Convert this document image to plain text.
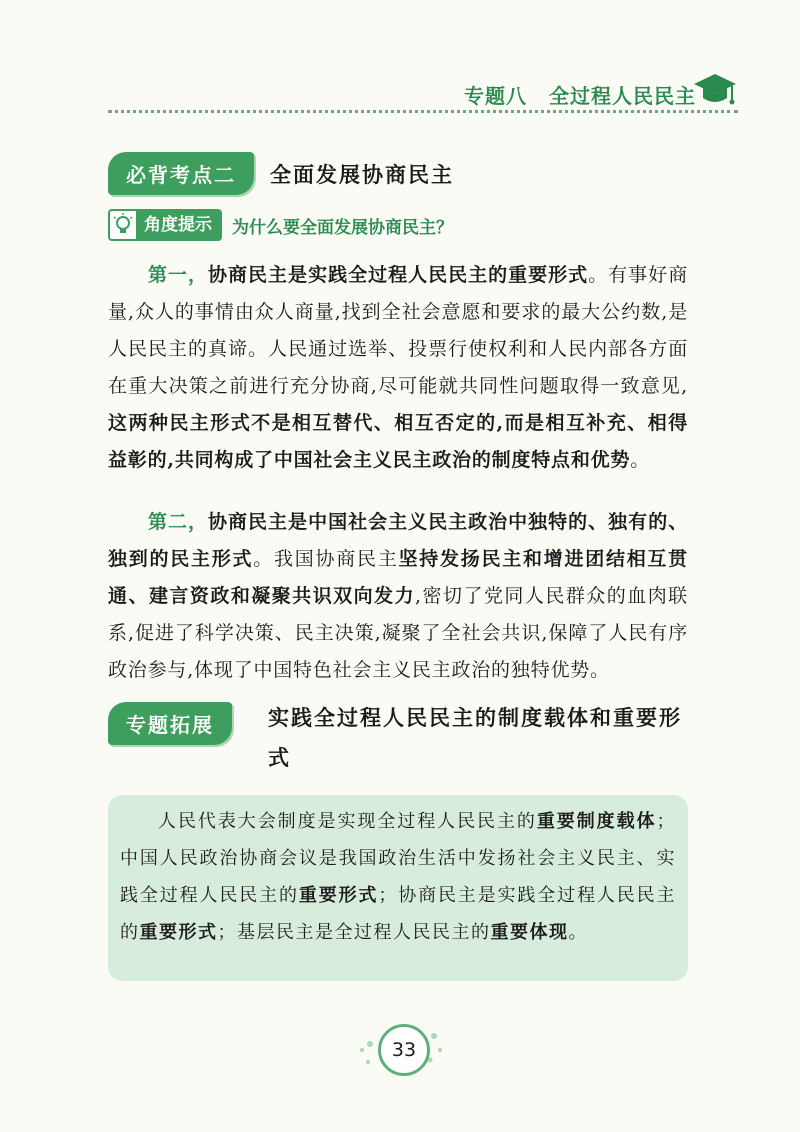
专题八 全过程人民民主
必背考点二	全面发展协商民主
角度提示	为什么要全面发展协商民主？
第一，协商民主是实践全过程人民民主的重要形式。有事好商量,众人的事情由众人商量,找到全社会意愿和要求的最大公约数,是人民民主的真谛。人民通过选举、投票行使权利和人民内部各方面在重大决策之前进行充分协商,尽可能就共同性问题取得一致意见,这两种民主形式不是相互替代、相互否定的,而是相互补充、相得益彰的,共同构成了中国社会主义民主政治的制度特点和优势。
第二，协商民主是中国社会主义民主政治中独特的、独有的、独到的民主形式。我国协商民主坚持发扬民主和增进团结相互贯通、建言资政和凝聚共识双向发力,密切了党同人民群众的血肉联系,促进了科学决策、民主决策,凝聚了全社会共识,保障了人民有序政治参与,体现了中国特色社会主义民主政治的独特优势。
专题拓展	实践全过程人民民主的制度载体和重要形式
人民代表大会制度是实现全过程人民民主的重要制度载体；中国人民政治协商会议是我国政治生活中发扬社会主义民主、实践全过程人民民主的重要形式；协商民主是实践全过程人民民主的重要形式；基层民主是全过程人民民主的重要体现。
33
